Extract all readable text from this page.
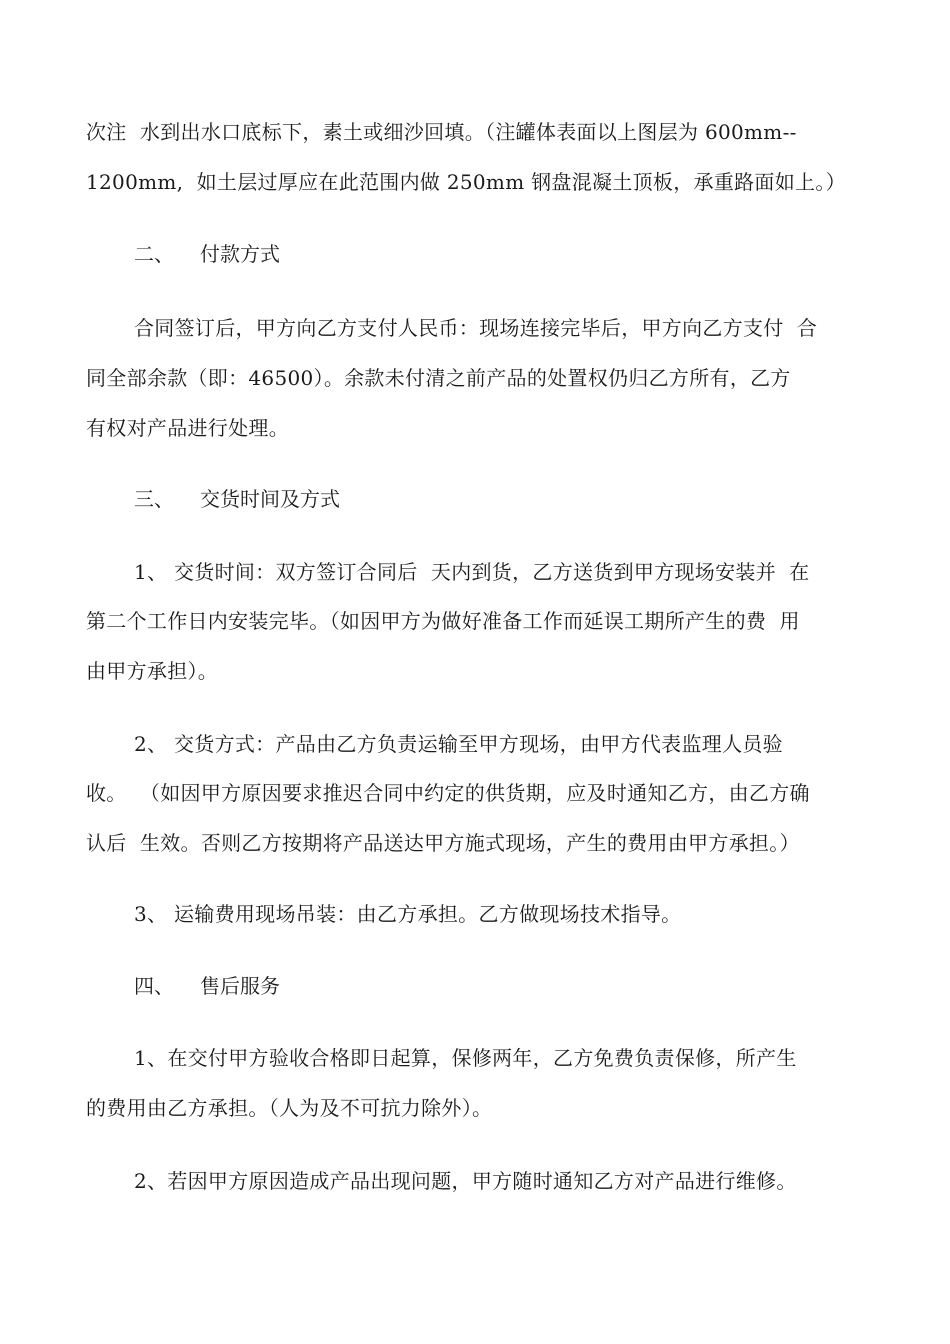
次注  水到出水口底标下，素土或细沙回填。（注罐体表面以上图层为 600mm--
1200mm,  如土层过厚应在此范围内做 250mm 钢盘混凝土顶板，承重路面如上。）
二、 付款方式
合同签订后，甲方向乙方支付人民币：现场连接完毕后，甲方向乙方支付  合
同全部余款（即：46500）。余款未付清之前产品的处置权仍归乙方所有，乙方
有权对产品进行处理。
三、 交货时间及方式
1、 交货时间：双方签订合同后  天内到货，乙方送货到甲方现场安装并  在
第二个工作日内安装完毕。（如因甲方为做好准备工作而延误工期所产生的费  用
由甲方承担）。
2、 交货方式：产品由乙方负责运输至甲方现场，由甲方代表监理人员验
收。  （如因甲方原因要求推迟合同中约定的供货期，应及时通知乙方，由乙方确
认后  生效。否则乙方按期将产品送达甲方施式现场，产生的费用由甲方承担。）
3、 运输费用现场吊装：由乙方承担。乙方做现场技术指导。
四、 售后服务
1、在交付甲方验收合格即日起算，保修两年，乙方免费负责保修，所产生
的费用由乙方承担。（人为及不可抗力除外）。
2、若因甲方原因造成产品出现问题，甲方随时通知乙方对产品进行维修。
